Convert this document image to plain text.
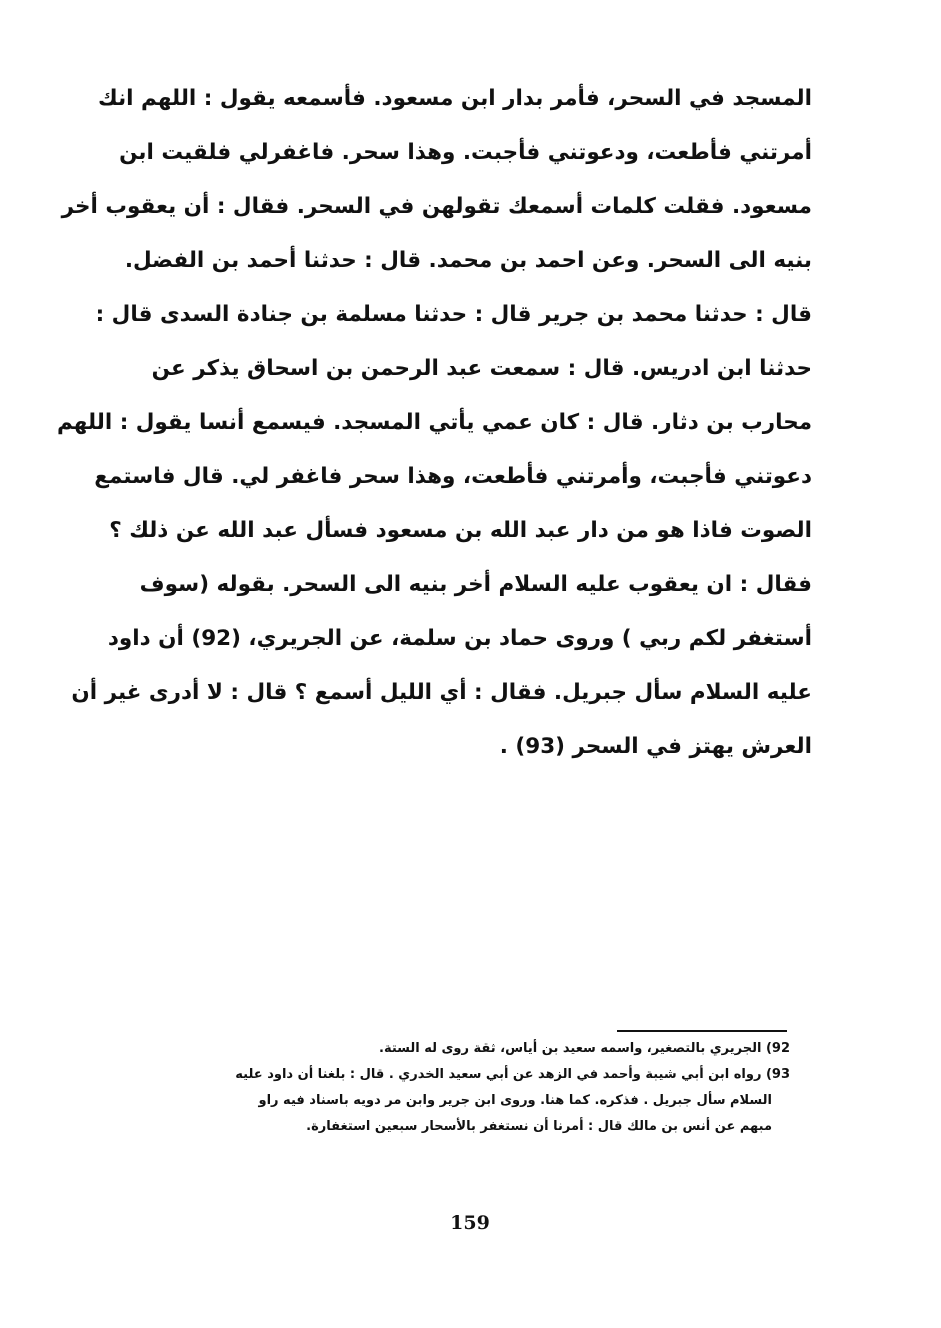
المسجد في السحر، فأمر بدار ابن مسعود. فأسمعه يقول : اللهم انك
أمرتني فأطعت، ودعوتني فأجبت. وهذا سحر. فاغفرلي فلقيت ابن
مسعود. فقلت كلمات أسمعك تقولهن في السحر. فقال : أن يعقوب أخر
بنيه الى السحر. وعن احمد بن محمد. قال : حدثنا أحمد بن الفضل.
قال : حدثنا محمد بن جرير قال : حدثنا مسلمة بن جنادة السدى قال :
حدثنا ابن ادريس. قال : سمعت عبد الرحمن بن اسحاق يذكر عن
محارب بن دثار. قال : كان عمي يأتي المسجد. فيسمع أنسا يقول : اللهم
دعوتني فأجبت، وأمرتني فأطعت، وهذا سحر فاغفر لي. قال فاستمع
الصوت فاذا هو من دار عبد الله بن مسعود فسأل عبد الله عن ذلك ؟
فقال : ان يعقوب عليه السلام أخر بنيه الى السحر. بقوله (سوف
أستغفر لكم ربي ) وروى حماد بن سلمة، عن الجريري، (92) أن داود
عليه السلام سأل جبريل. فقال : أي الليل أسمع ؟ قال : لا أدرى غير أن
العرش يهتز في السحر (93) .
92) الجريري بالتصغير، واسمه سعيد بن أياس، ثقة روى له الستة.
93) رواه ابن أبي شيبة وأحمد في الزهد عن أبي سعيد الخدري . قال : بلغنا أن داود عليه
السلام سأل جبريل . فذكره. كما هنا. وروى ابن جرير وابن مر دويه باسناد فيه راو
مبهم عن أنس بن مالك قال : أمرنا أن نستغفر بالأسحار سبعين استغفارة.
159
